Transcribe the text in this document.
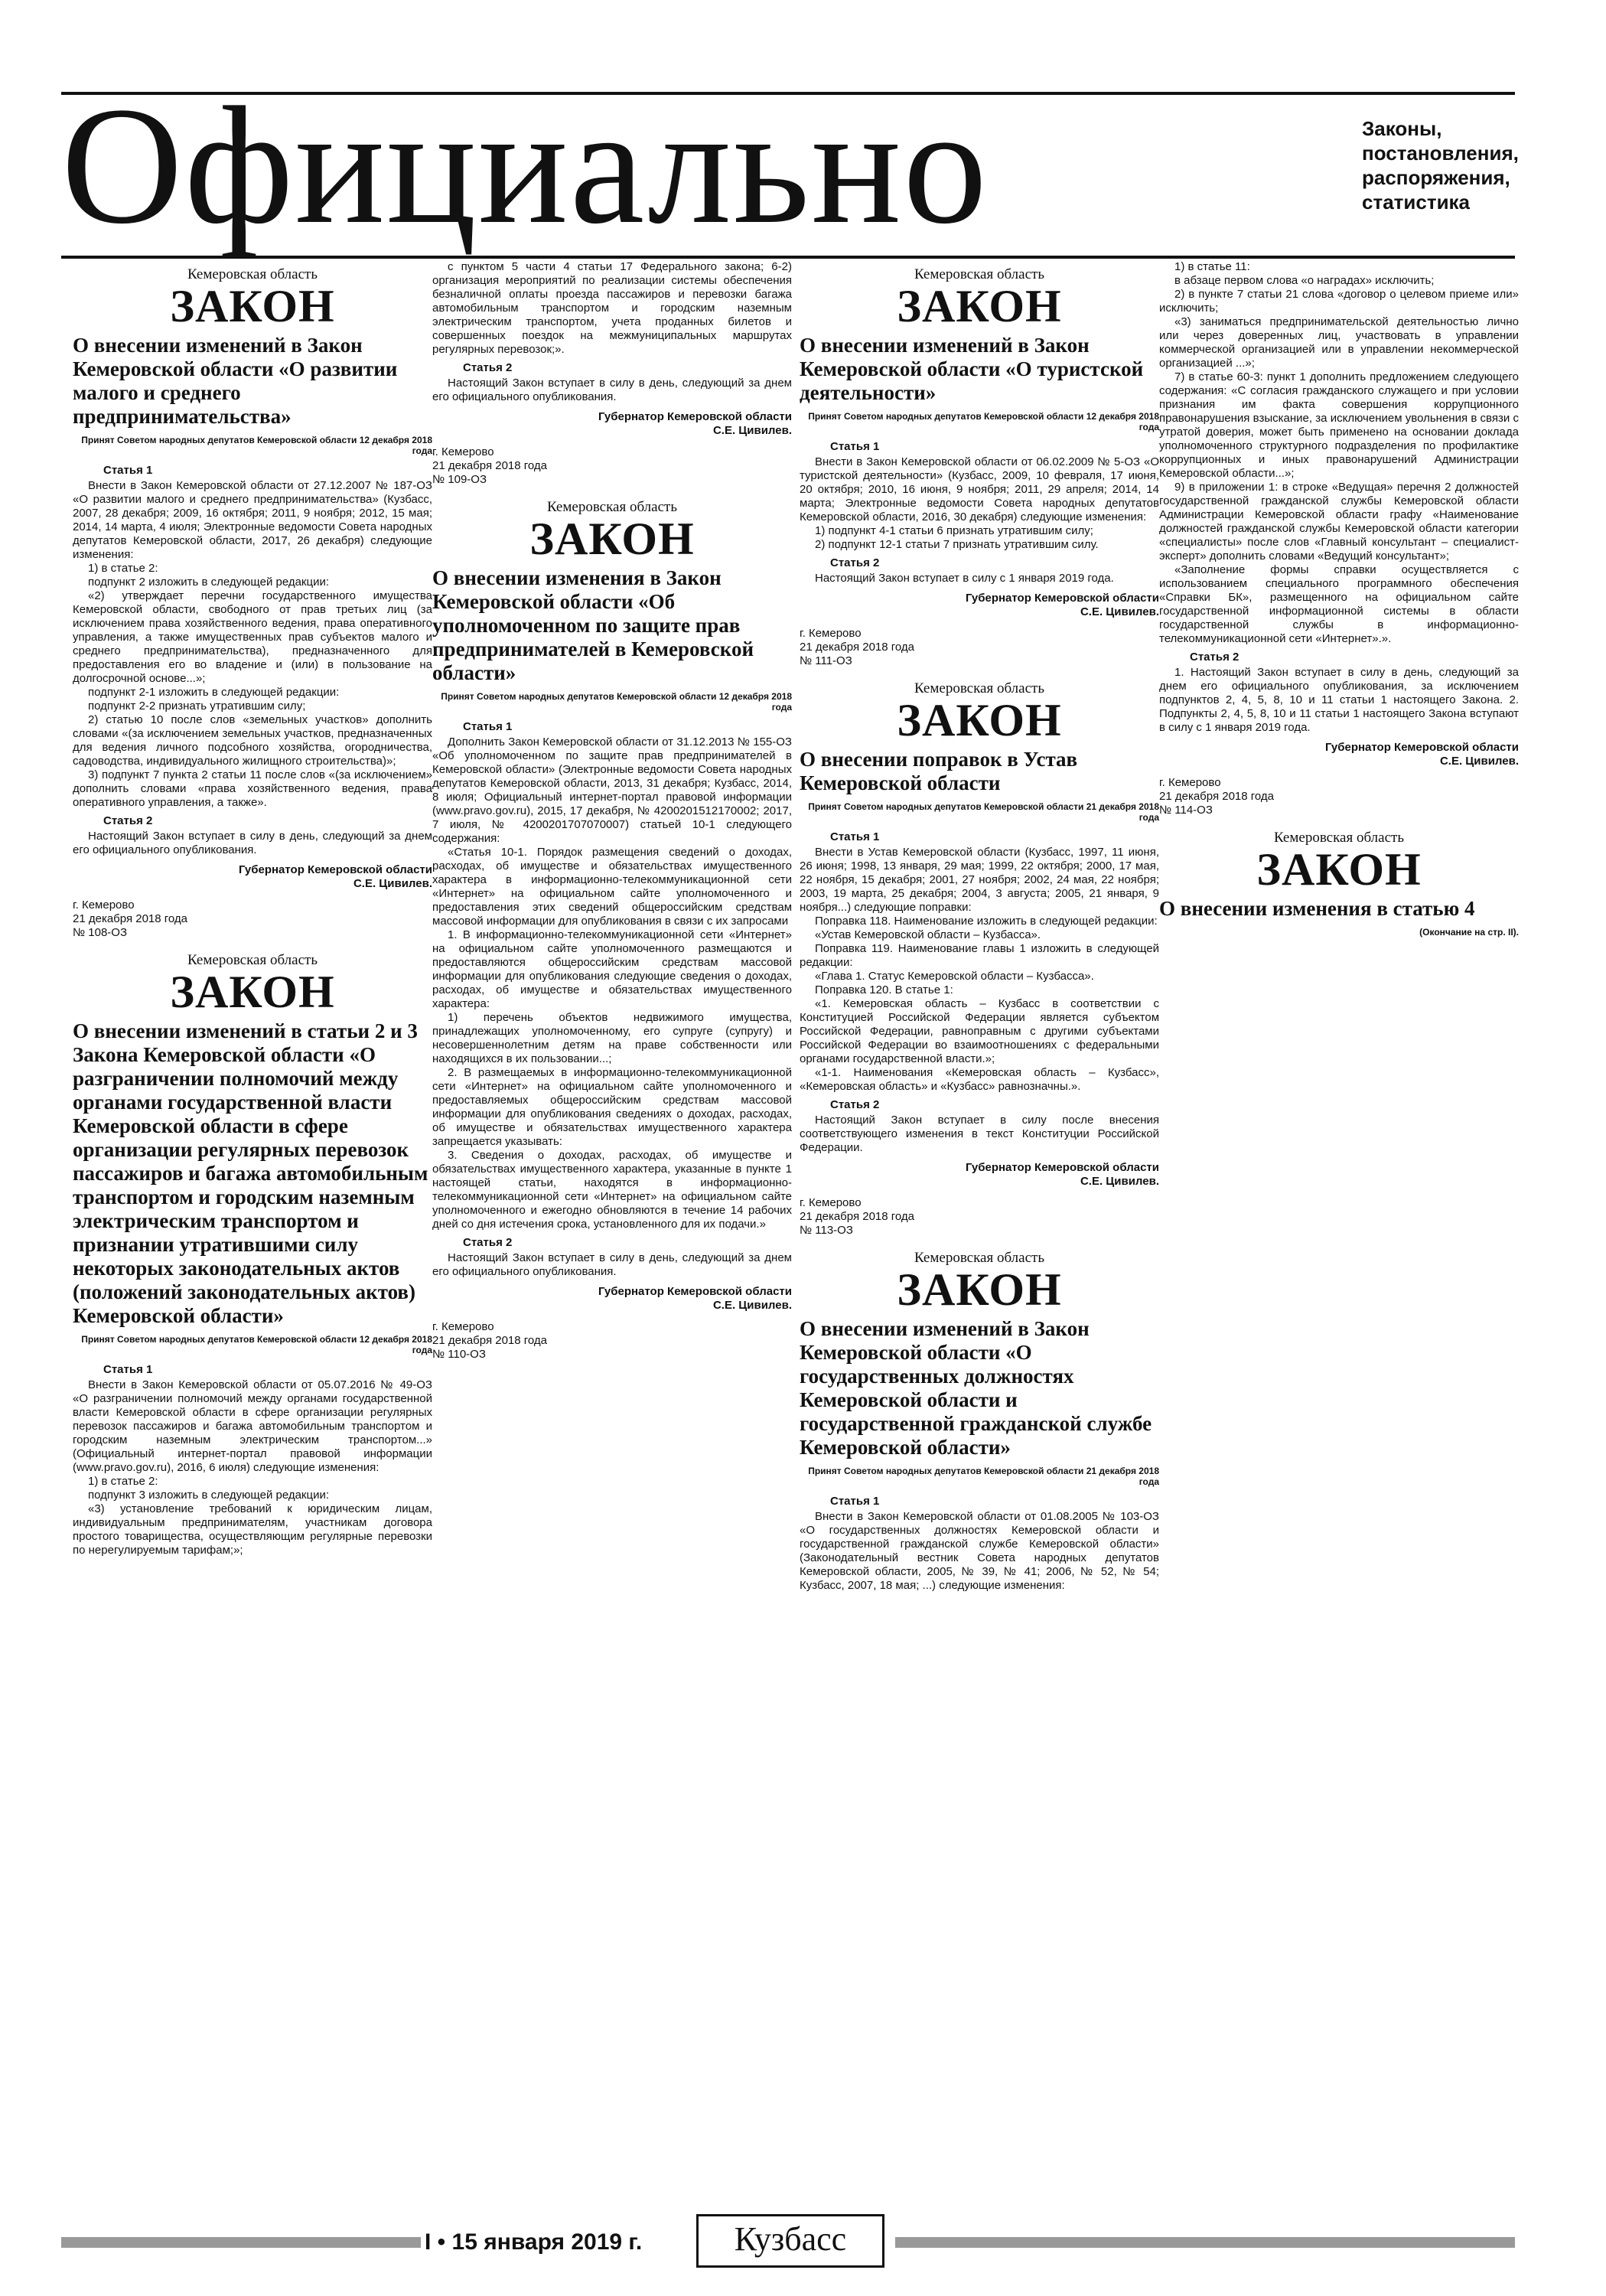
Официально	Законы, постановления, распоряжения, статистика
Кемеровская область
ЗАКОН
О внесении изменений в Закон Кемеровской области «О развитии малого и среднего предпринимательства»
Принят Советом народных депутатов Кемеровской области 12 декабря 2018 года
Статья 1

Внести в Закон Кемеровской области от 27.12.2007 № 187-ОЗ «О развитии малого и среднего предпринимательства» (Кузбасс, 2007, 28 декабря; 2009, 16 октября; 2011, 9 ноября; 2012, 15 мая; 2014, 14 марта, 4 июля; Электронные ведомости Совета народных депутатов Кемеровской области, 2017, 26 декабря) следующие изменения:

1) в статье 2:

подпункт 2 изложить в следующей редакции:

«2) утверждает перечни государственного имущества Кемеровской области, свободного от прав третьих лиц (за исключением права хозяйственного ведения, права оперативного управления, а также имущественных прав субъектов малого и среднего предпринимательства), предназначенного для предоставления его во владение и (или) в пользование на долгосрочной основе...»;

подпункт 2-1 изложить в следующей редакции:

подпункт 2-2 признать утратившим силу;

2) статью 10 после слов «земельных участков» дополнить словами «(за исключением земельных участков, предназначенных для ведения личного подсобного хозяйства, огородничества, садоводства, индивидуального жилищного строительства)»;

3) подпункт 7 пункта 2 статьи 11 после слов «(за исключением» дополнить словами «права хозяйственного ведения, права оперативного управления, а также».

Статья 2

Настоящий Закон вступает в силу в день, следующий за днем его официального опубликования.

Губернатор Кемеровской области
С.Е. Цивилев.
г. Кемерово
21 декабря 2018 года
№ 108-ОЗ
Кемеровская область
ЗАКОН
О внесении изменений в статьи 2 и 3 Закона Кемеровской области «О разграничении полномочий между органами государственной власти Кемеровской области в сфере организации регулярных перевозок пассажиров и багажа автомобильным транспортом и городским наземным электрическим транспортом и признании утратившими силу некоторых законодательных актов (положений законодательных актов) Кемеровской области»
Принят Советом народных депутатов Кемеровской области 12 декабря 2018 года
Статья 1

Внести в Закон Кемеровской области от 05.07.2016 № 49-ОЗ «О разграничении полномочий между органами государственной власти Кемеровской области в сфере организации регулярных перевозок пассажиров и багажа автомобильным транспортом и городским наземным электрическим транспортом...» (Официальный интернет-портал правовой информации (www.pravo.gov.ru), 2016, 6 июля) следующие изменения:

1) в статье 2:

подпункт 3 изложить в следующей редакции:

«3) установление требований к юридическим лицам, индивидуальным предпринимателям, участникам договора простого товарищества, осуществляющим регулярные перевозки по нерегулируемым тарифам;»;

с пунктом 5 части 4 статьи 17 Федерального закона; 6-2) организация мероприятий по реализации системы обеспечения безналичной оплаты проезда пассажиров и перевозки багажа автомобильным транспортом и городским наземным электрическим транспортом, учета проданных билетов и совершенных поездок на межмуниципальных маршрутах регулярных перевозок;».

Статья 2

Настоящий Закон вступает в силу в день, следующий за днем его официального опубликования.

Губернатор Кемеровской области
С.Е. Цивилев.
г. Кемерово
21 декабря 2018 года
№ 109-ОЗ
Кемеровская область
ЗАКОН
О внесении изменения в Закон Кемеровской области «Об уполномоченном по защите прав предпринимателей в Кемеровской области»
Принят Советом народных депутатов Кемеровской области 12 декабря 2018 года
Статья 1

Дополнить Закон Кемеровской области от 31.12.2013 № 155-ОЗ «Об уполномоченном по защите прав предпринимателей в Кемеровской области» (Электронные ведомости Совета народных депутатов Кемеровской области, 2013, 31 декабря; Кузбасс, 2014, 8 июля; Официальный интернет-портал правовой информации (www.pravo.gov.ru), 2015, 17 декабря, № 4200201512170002; 2017, 7 июля, № 4200201707070007) статьей 10-1 следующего содержания:

«Статья 10-1. Порядок размещения сведений о доходах, расходах, об имуществе и обязательствах имущественного характера в информационно-телекоммуникационной сети «Интернет» на официальном сайте уполномоченного и предоставления этих сведений общероссийским средствам массовой информации для опубликования в связи с их запросами

1. В информационно-телекоммуникационной сети «Интернет» на официальном сайте уполномоченного размещаются и предоставляются общероссийским средствам массовой информации для опубликования следующие сведения о доходах, расходах, об имуществе и обязательствах имущественного характера:

1) перечень объектов недвижимого имущества, принадлежащих уполномоченному, его супруге (супругу) и несовершеннолетним детям на праве собственности или находящихся в их пользовании...;

2. В размещаемых в информационно-телекоммуникационной сети «Интернет» на официальном сайте уполномоченного и предоставляемых общероссийским средствам массовой информации для опубликования сведениях о доходах, расходах, об имуществе и обязательствах имущественного характера запрещается указывать:

3. Сведения о доходах, расходах, об имуществе и обязательствах имущественного характера, указанные в пункте 1 настоящей статьи, находятся в информационно-телекоммуникационной сети «Интернет» на официальном сайте уполномоченного и ежегодно обновляются в течение 14 рабочих дней со дня истечения срока, установленного для их подачи.»

Статья 2

Настоящий Закон вступает в силу в день, следующий за днем его официального опубликования.

Губернатор Кемеровской области
С.Е. Цивилев.
г. Кемерово
21 декабря 2018 года
№ 110-ОЗ
Кемеровская область
ЗАКОН
О внесении изменений в Закон Кемеровской области «О туристской деятельности»
Принят Советом народных депутатов Кемеровской области 12 декабря 2018 года
Статья 1

Внести в Закон Кемеровской области от 06.02.2009 № 5-ОЗ «О туристской деятельности» (Кузбасс, 2009, 10 февраля, 17 июня, 20 октября; 2010, 16 июня, 9 ноября; 2011, 29 апреля; 2014, 14 марта; Электронные ведомости Совета народных депутатов Кемеровской области, 2016, 30 декабря) следующие изменения:

1) подпункт 4-1 статьи 6 признать утратившим силу;

2) подпункт 12-1 статьи 7 признать утратившим силу.

Статья 2

Настоящий Закон вступает в силу с 1 января 2019 года.

Губернатор Кемеровской области
С.Е. Цивилев.
г. Кемерово
21 декабря 2018 года
№ 111-ОЗ
Кемеровская область
ЗАКОН
О внесении поправок в Устав Кемеровской области
Принят Советом народных депутатов Кемеровской области 21 декабря 2018 года
Статья 1

Внести в Устав Кемеровской области (Кузбасс, 1997, 11 июня, 26 июня; 1998, 13 января, 29 мая; 1999, 22 октября; 2000, 17 мая, 22 ноября, 15 декабря; 2001, 27 ноября; 2002, 24 мая, 22 ноября; 2003, 19 марта, 25 декабря; 2004, 3 августа; 2005, 21 января, 9 ноября...) следующие поправки:

Поправка 118. Наименование изложить в следующей редакции:

«Устав Кемеровской области – Кузбасса».

Поправка 119. Наименование главы 1 изложить в следующей редакции:

«Глава 1. Статус Кемеровской области – Кузбасса».

Поправка 120. В статье 1:

«1. Кемеровская область – Кузбасс в соответствии с Конституцией Российской Федерации является субъектом Российской Федерации, равноправным с другими субъектами Российской Федерации во взаимоотношениях с федеральными органами государственной власти.»;

«1-1. Наименования «Кемеровская область – Кузбасс», «Кемеровская область» и «Кузбасс» равнозначны.».

Статья 2

Настоящий Закон вступает в силу после внесения соответствующего изменения в текст Конституции Российской Федерации.

Губернатор Кемеровской области
С.Е. Цивилев.
г. Кемерово
21 декабря 2018 года
№ 113-ОЗ
Кемеровская область
ЗАКОН
О внесении изменений в Закон Кемеровской области «О государственных должностях Кемеровской области и государственной гражданской службе Кемеровской области»
Принят Советом народных депутатов Кемеровской области 21 декабря 2018 года
Статья 1

Внести в Закон Кемеровской области от 01.08.2005 № 103-ОЗ «О государственных должностях Кемеровской области и государственной гражданской службе Кемеровской области» (Законодательный вестник Совета народных депутатов Кемеровской области, 2005, № 39, № 41; 2006, № 52, № 54; Кузбасс, 2007, 18 мая; ...) следующие изменения:

1) в статье 11:

в абзаце первом слова «о наградах» исключить;

2) в пункте 7 статьи 21 слова «договор о целевом приеме или» исключить;

«3) заниматься предпринимательской деятельностью лично или через доверенных лиц, участвовать в управлении коммерческой организацией или в управлении некоммерческой организацией ...»;

7) в статье 60-3: пункт 1 дополнить предложением следующего содержания: «С согласия гражданского служащего и при условии признания им факта совершения коррупционного правонарушения взыскание, за исключением увольнения в связи с утратой доверия, может быть применено на основании доклада уполномоченного структурного подразделения по профилактике коррупционных и иных правонарушений Администрации Кемеровской области...»;

9) в приложении 1: в строке «Ведущая» перечня 2 должностей государственной гражданской службы Кемеровской области Администрации Кемеровской области графу «Наименование должностей гражданской службы Кемеровской области категории «специалисты» после слов «Главный консультант – специалист-эксперт» дополнить словами «Ведущий консультант»;

«Заполнение формы справки осуществляется с использованием специального программного обеспечения «Справки БК», размещенного на официальном сайте государственной информационной системы в области государственной службы в информационно-телекоммуникационной сети «Интернет».».

Статья 2

1. Настоящий Закон вступает в силу в день, следующий за днем его официального опубликования, за исключением подпунктов 2, 4, 5, 8, 10 и 11 статьи 1 настоящего Закона. 2. Подпункты 2, 4, 5, 8, 10 и 11 статьи 1 настоящего Закона вступают в силу с 1 января 2019 года.

Губернатор Кемеровской области
С.Е. Цивилев.
г. Кемерово
21 декабря 2018 года
№ 114-ОЗ
Кемеровская область
ЗАКОН
О внесении изменения в статью 4
(Окончание на стр. II).
I • 15 января 2019 г.	Кузбасс
